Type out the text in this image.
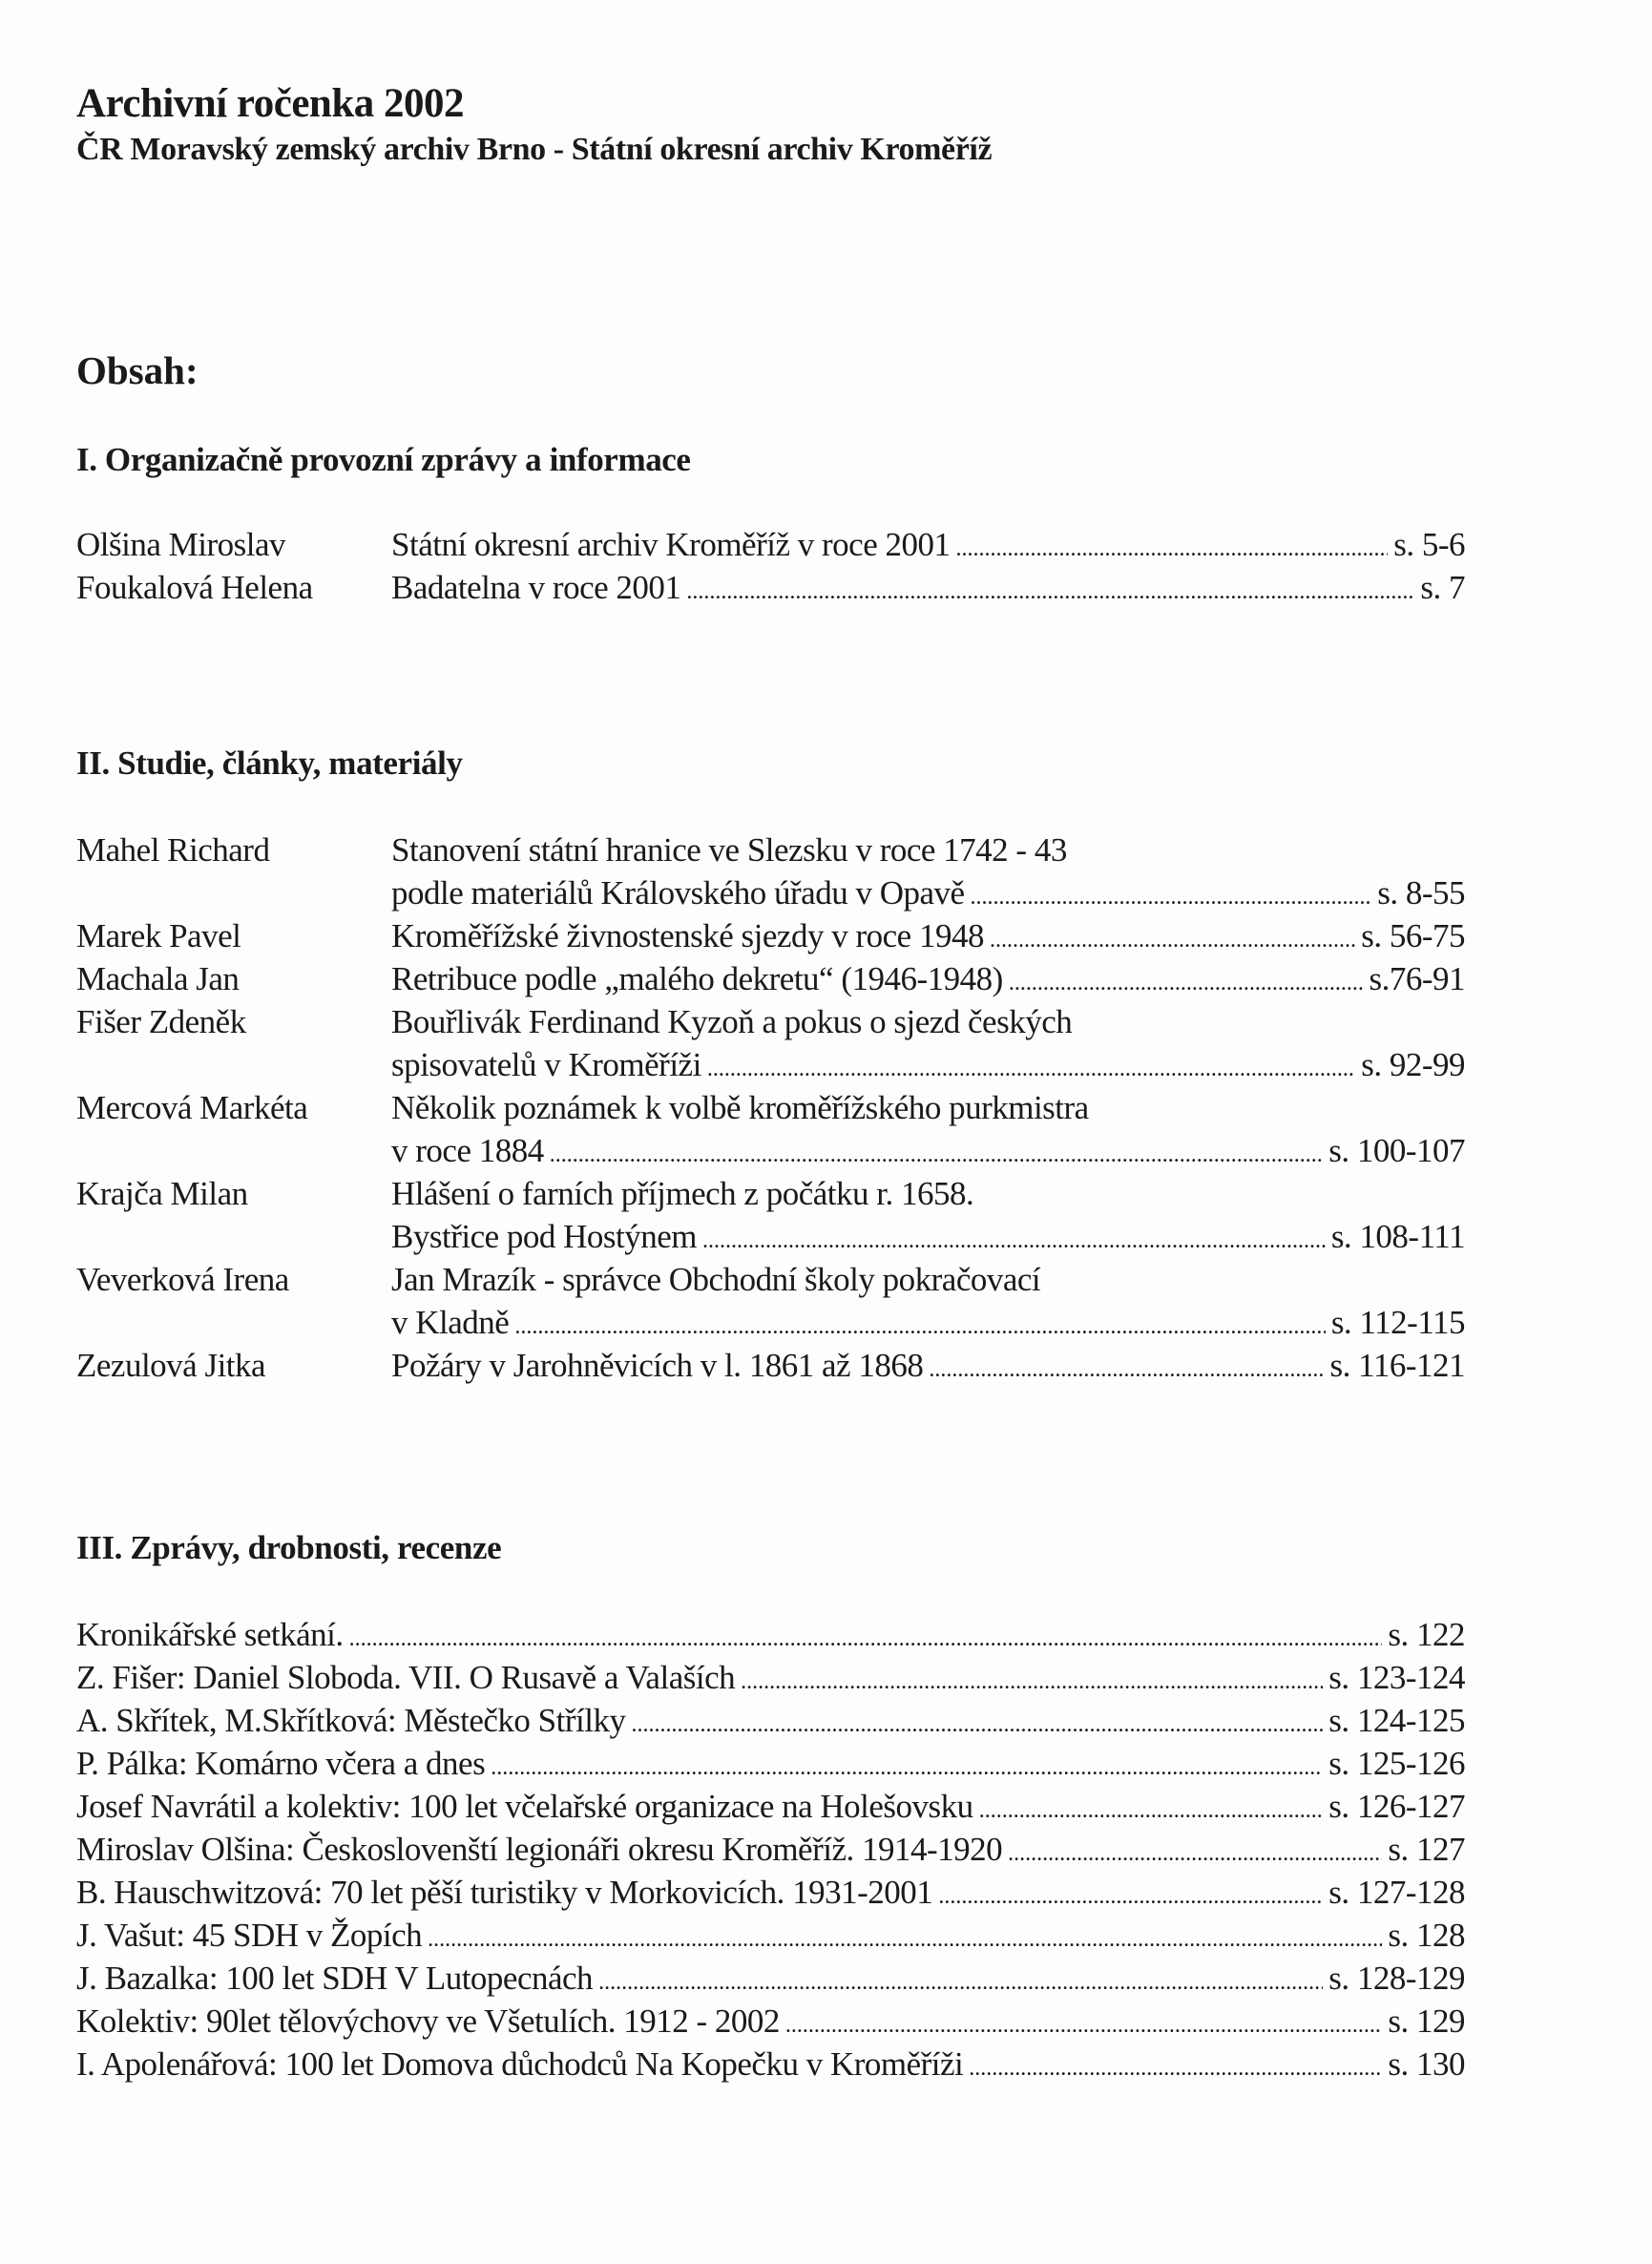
Archivní ročenka 2002
ČR Moravský zemský archiv Brno - Státní okresní archiv Kroměříž
Obsah:
I. Organizačně provozní zprávy a informace
Olšina Miroslav	Státní okresní archiv Kroměříž v roce 2001 .....	s. 5-6
Foukalová Helena	Badatelna v roce 2001 .....	s. 7
II. Studie, články, materiály
Mahel Richard	Stanovení státní hranice ve Slezsku v roce 1742 - 43
podle materiálů Královského úřadu v Opavě .....	s. 8-55
Marek Pavel	Kroměřížské živnostenské sjezdy v roce 1948 .....	s. 56-75
Machala Jan	Retribuce podle „malého dekretu“ (1946-1948) .....	s.76-91
Fišer Zdeněk	Bouřlivák Ferdinand Kyzoň a pokus o sjezd českých
spisovatelů v Kroměříži .....	s. 92-99
Mercová Markéta	Několik poznámek k volbě kroměřížského purkmistra
v roce 1884 .....	s. 100-107
Krajča Milan	Hlášení o farních příjmech z počátku r. 1658.
Bystřice pod Hostýnem .....	s. 108-111
Veverková Irena	Jan Mrazík - správce Obchodní školy pokračovací
v Kladně .....	s. 112-115
Zezulová Jitka	Požáry v Jarohněvicích v l. 1861 až 1868 .....	s. 116-121
III. Zprávy, drobnosti, recenze
Kronikářské setkání. .....	s. 122
Z. Fišer: Daniel Sloboda. VII. O Rusavě a Valaších .....	s. 123-124
A. Skřítek, M.Skřítková: Městečko Střílky .....	s. 124-125
P. Pálka: Komárno včera a dnes .....	s. 125-126
Josef Navrátil a kolektiv: 100 let včelařské organizace na Holešovsku .....	s. 126-127
Miroslav Olšina: Českoslovenští legionáři okresu Kroměříž. 1914-1920 .....	s. 127
B. Hauschwitzová: 70 let pěší turistiky v Morkovicích. 1931-2001 .....	s. 127-128
J. Vašut: 45 SDH v Žopích .....	s. 128
J. Bazalka: 100 let SDH V Lutopecnách .....	s. 128-129
Kolektiv: 90let tělovýchovy ve Všetulích. 1912 - 2002 .....	s. 129
I. Apolenářová: 100 let Domova důchodců Na Kopečku v Kroměříži .....	s. 130
